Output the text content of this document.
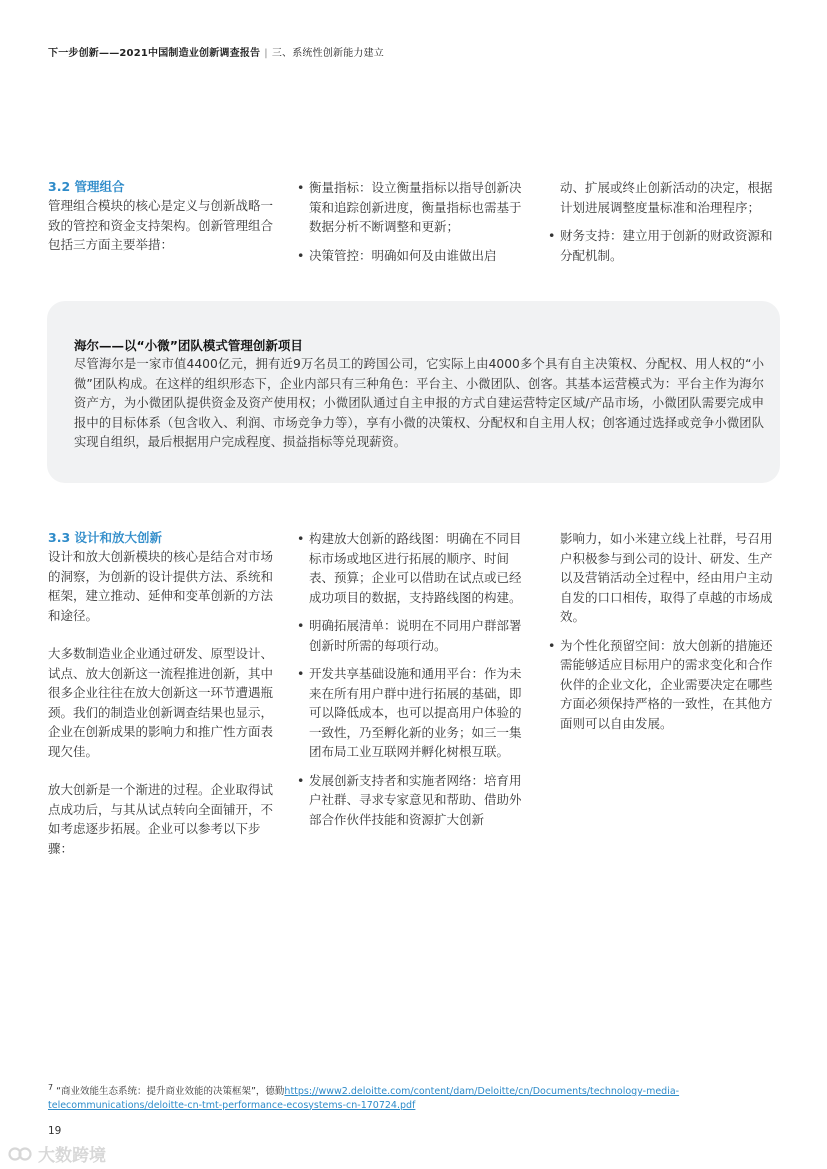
下一步创新——2021中国制造业创新调查报告 | 三、系统性创新能力建立
3.2 管理组合

管理组合模块的核心是定义与创新战略一致的管控和资金支持架构。创新管理组合包括三方面主要举措：

• 衡量指标：设立衡量指标以指导创新决策和追踪创新进度，衡量指标也需基于数据分析不断调整和更新；
• 决策管控：明确如何及由谁做出启

动、扩展或终止创新活动的决定，根据计划进展调整度量标准和治理程序；

• 财务支持：建立用于创新的财政资源和分配机制。
海尔——以“小微”团队模式管理创新项目
尽管海尔是一家市值4400亿元，拥有近9万名员工的跨国公司，它实际上由4000多个具有自主决策权、分配权、用人权的“小微”团队构成。在这样的组织形态下，企业内部只有三种角色：平台主、小微团队、创客。其基本运营模式为：平台主作为海尔资产方，为小微团队提供资金及资产使用权；小微团队通过自主申报的方式自建运营特定区域/产品市场，小微团队需要完成申报中的目标体系（包含收入、利润、市场竞争力等），享有小微的决策权、分配权和自主用人权；创客通过选择或竞争小微团队实现自组织，最后根据用户完成程度、损益指标等兑现薪资。
3.3 设计和放大创新

设计和放大创新模块的核心是结合对市场的洞察，为创新的设计提供方法、系统和框架，建立推动、延伸和变革创新的方法和途径。

大多数制造业企业通过研发、原型设计、试点、放大创新这一流程推进创新，其中很多企业往往在放大创新这一环节遭遇瓶颈。我们的制造业创新调查结果也显示，企业在创新成果的影响力和推广性方面表现欠佳。

放大创新是一个渐进的过程。企业取得试点成功后，与其从试点转向全面铺开，不如考虑逐步拓展。企业可以参考以下步骤：

• 构建放大创新的路线图：明确在不同目标市场或地区进行拓展的顺序、时间表、预算；企业可以借助在试点或已经成功项目的数据，支持路线图的构建。
• 明确拓展清单：说明在不同用户群部署创新时所需的每项行动。
• 开发共享基础设施和通用平台：作为未来在所有用户群中进行拓展的基础，即可以降低成本，也可以提高用户体验的一致性，乃至孵化新的业务；如三一集团布局工业互联网并孵化树根互联。
• 发展创新支持者和实施者网络：培育用户社群、寻求专家意见和帮助、借助外部合作伙伴技能和资源扩大创新

影响力，如小米建立线上社群，号召用户积极参与到公司的设计、研发、生产以及营销活动全过程中，经由用户主动自发的口口相传，取得了卓越的市场成效。

• 为个性化预留空间：放大创新的措施还需能够适应目标用户的需求变化和合作伙伴的企业文化，企业需要决定在哪些方面必须保持严格的一致性，在其他方面则可以自由发展。
$^7$ “商业效能生态系统：提升商业效能的决策框架”，德勤https://www2.deloitte.com/content/dam/Deloitte/cn/Documents/technology-media-telecommunications/deloitte-cn-tmt-performance-ecosystems-cn-170724.pdf
19
大数跨境
